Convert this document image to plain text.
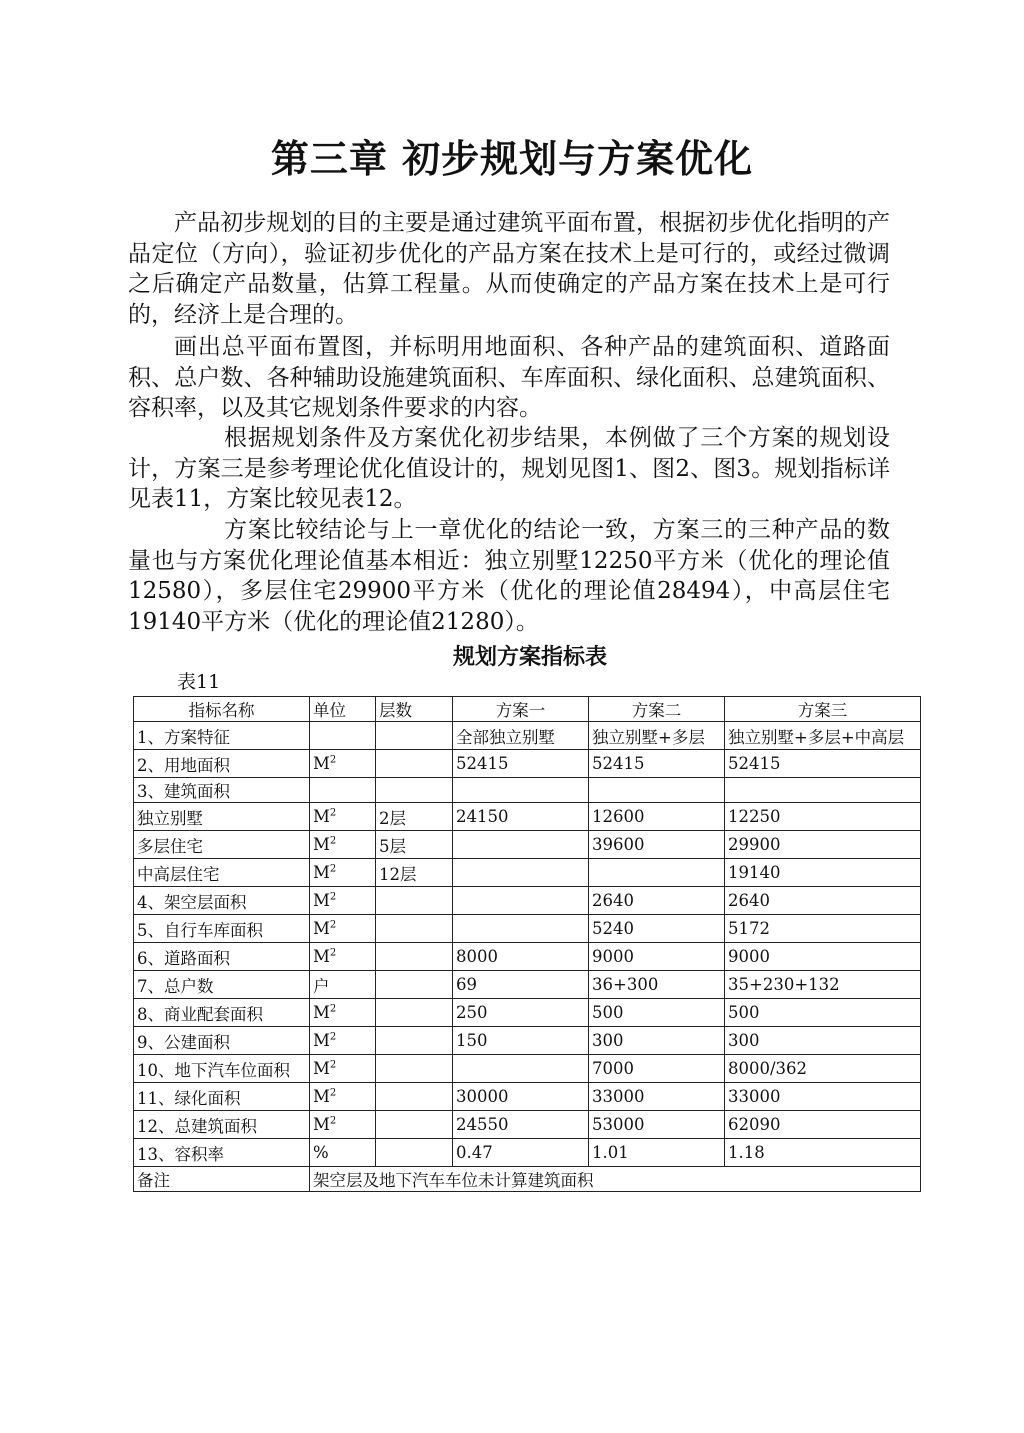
第三章 初步规划与方案优化

产品初步规划的目的主要是通过建筑平面布置，根据初步优化指明的产品定位（方向），验证初步优化的产品方案在技术上是可行的，或经过微调之后确定产品数量，估算工程量。从而使确定的产品方案在技术上是可行的，经济上是合理的。

画出总平面布置图，并标明用地面积、各种产品的建筑面积、道路面积、总户数、各种辅助设施建筑面积、车库面积、绿化面积、总建筑面积、容积率，以及其它规划条件要求的内容。

根据规划条件及方案优化初步结果，本例做了三个方案的规划设计，方案三是参考理论优化值设计的，规划见图1、图2、图3。规划指标详见表11，方案比较见表12。

方案比较结论与上一章优化的结论一致，方案三的三种产品的数量也与方案优化理论值基本相近：独立别墅12250平方米（优化的理论值12580），多层住宅29900平方米（优化的理论值28494），中高层住宅19140平方米（优化的理论值21280）。

规划方案指标表

表11

指标名称	单位	层数	方案一	方案二	方案三
1、方案特征			全部独立别墅	独立别墅+多层	独立别墅+多层+中高层
2、用地面积	$M^2$		52415	52415	52415
3、建筑面积					
独立别墅	$M^2$	2层	24150	12600	12250
多层住宅	$M^2$	5层		39600	29900
中高层住宅	$M^2$	12层			19140
4、架空层面积	$M^2$			2640	2640
5、自行车库面积	$M^2$			5240	5172
6、道路面积	$M^2$		8000	9000	9000
7、总户数	户		69	36+300	35+230+132
8、商业配套面积	$M^2$		250	500	500
9、公建面积	$M^2$		150	300	300
10、地下汽车位面积	$M^2$			7000	8000/362
11、绿化面积	$M^2$		30000	33000	33000
12、总建筑面积	$M^2$		24550	53000	62090
13、容积率	%		0.47	1.01	1.18
备注	架空层及地下汽车车位未计算建筑面积				
